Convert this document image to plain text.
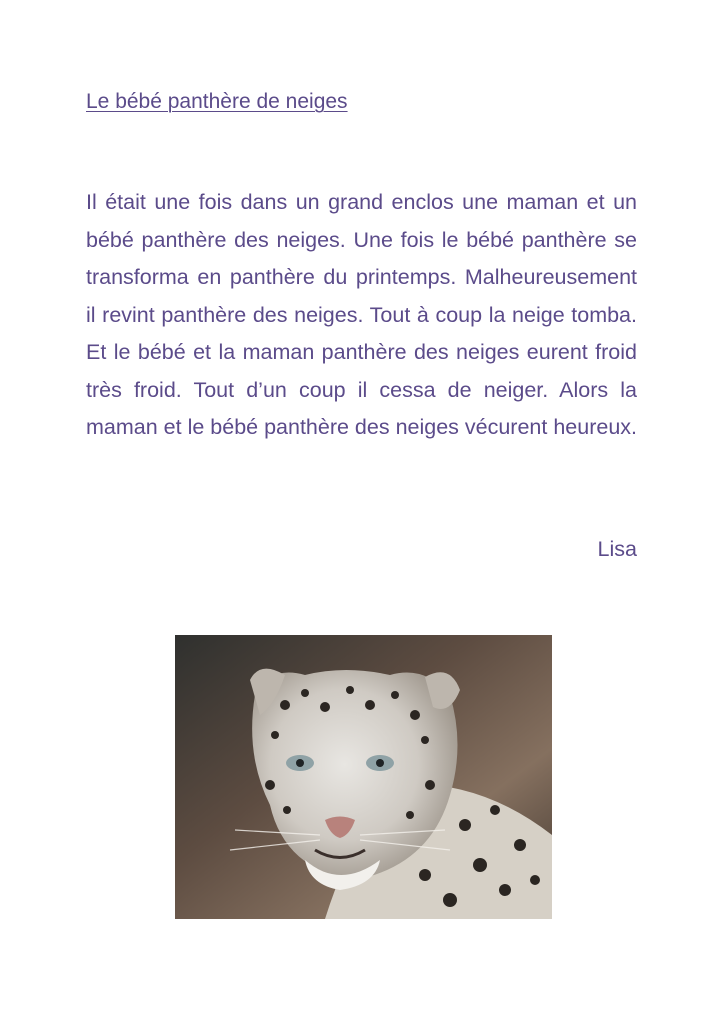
Le bébé panthère de neiges

Il était une fois dans un grand enclos une maman et un bébé panthère des neiges. Une fois le bébé panthère se transforma en panthère du printemps. Malheureusement il revint panthère des neiges. Tout à coup la neige tomba. Et le bébé et la maman panthère des neiges eurent froid très froid. Tout d’un coup il cessa de neiger. Alors la maman et le bébé panthère des neiges vécurent heureux.

Lisa
